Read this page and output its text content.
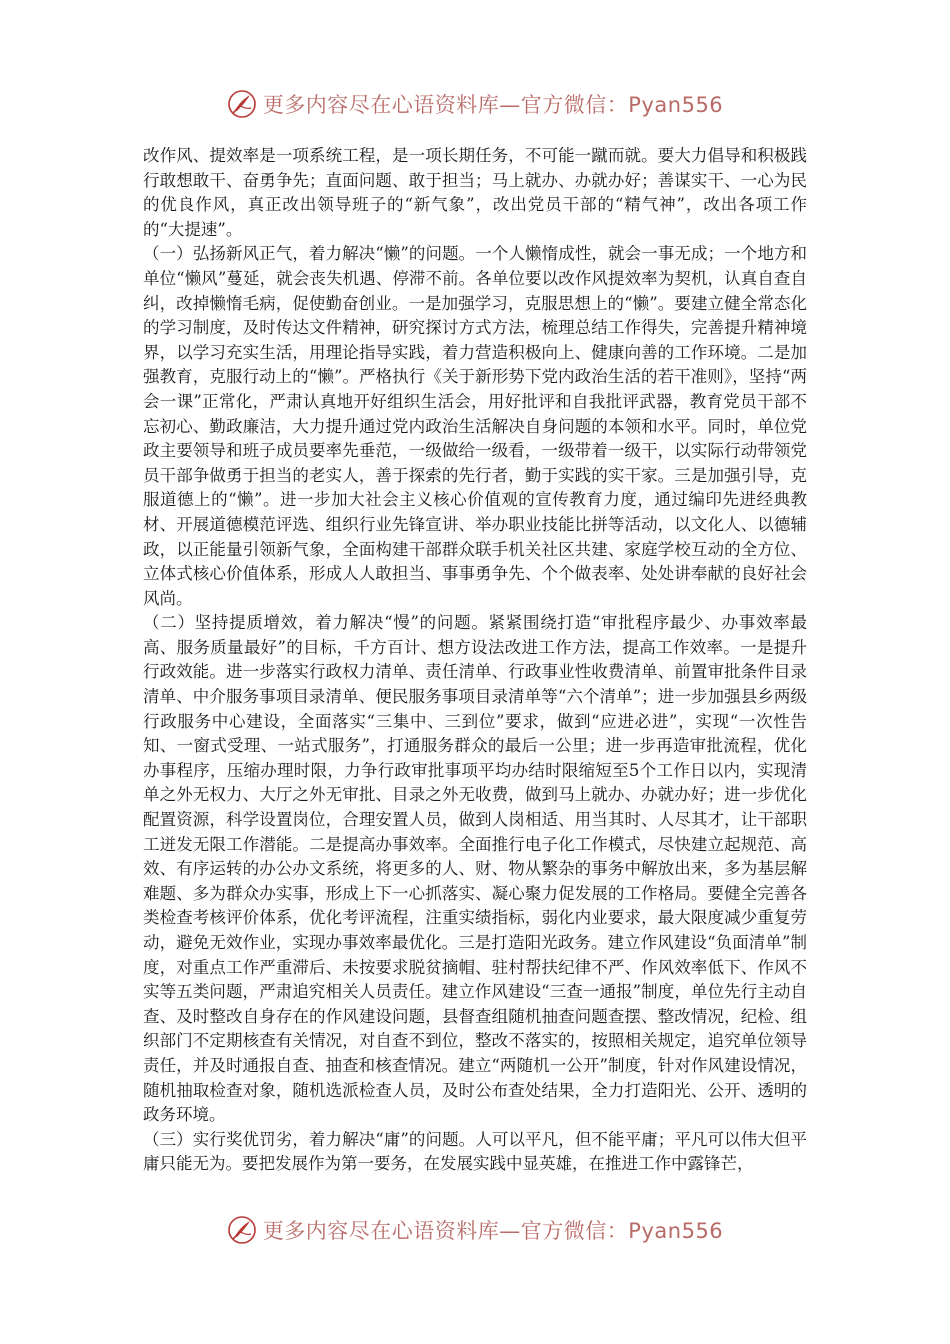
更多内容尽在心语资料库—官方微信：Pyan556

改作风、提效率是一项系统工程，是一项长期任务，不可能一蹴而就。要大力倡导和积极践行敢想敢干、奋勇争先；直面问题、敢于担当；马上就办、办就办好；善谋实干、一心为民的优良作风，真正改出领导班子的“新气象”，改出党员干部的“精气神”，改出各项工作的“大提速”。

（一）弘扬新风正气，着力解决“懒”的问题。一个人懒惰成性，就会一事无成；一个地方和单位“懒风”蔓延，就会丧失机遇、停滞不前。各单位要以改作风提效率为契机，认真自查自纠，改掉懒惰毛病，促使勤奋创业。一是加强学习，克服思想上的“懒”。要建立健全常态化的学习制度，及时传达文件精神，研究探讨方式方法，梳理总结工作得失，完善提升精神境界，以学习充实生活，用理论指导实践，着力营造积极向上、健康向善的工作环境。二是加强教育，克服行动上的“懒”。严格执行《关于新形势下党内政治生活的若干准则》，坚持“两会一课”正常化，严肃认真地开好组织生活会，用好批评和自我批评武器，教育党员干部不忘初心、勤政廉洁，大力提升通过党内政治生活解决自身问题的本领和水平。同时，单位党政主要领导和班子成员要率先垂范，一级做给一级看，一级带着一级干，以实际行动带领党员干部争做勇于担当的老实人，善于探索的先行者，勤于实践的实干家。三是加强引导，克服道德上的“懒”。进一步加大社会主义核心价值观的宣传教育力度，通过编印先进经典教材、开展道德模范评选、组织行业先锋宣讲、举办职业技能比拼等活动，以文化人、以德辅政，以正能量引领新气象，全面构建干部群众联手机关社区共建、家庭学校互动的全方位、立体式核心价值体系，形成人人敢担当、事事勇争先、个个做表率、处处讲奉献的良好社会风尚。

（二）坚持提质增效，着力解决“慢”的问题。紧紧围绕打造“审批程序最少、办事效率最高、服务质量最好”的目标，千方百计、想方设法改进工作方法，提高工作效率。一是提升行政效能。进一步落实行政权力清单、责任清单、行政事业性收费清单、前置审批条件目录清单、中介服务事项目录清单、便民服务事项目录清单等“六个清单”；进一步加强县乡两级行政服务中心建设，全面落实“三集中、三到位”要求，做到“应进必进”，实现“一次性告知、一窗式受理、一站式服务”，打通服务群众的最后一公里；进一步再造审批流程，优化办事程序，压缩办理时限，力争行政审批事项平均办结时限缩短至5个工作日以内，实现清单之外无权力、大厅之外无审批、目录之外无收费，做到马上就办、办就办好；进一步优化配置资源，科学设置岗位，合理安置人员，做到人岗相适、用当其时、人尽其才，让干部职工迸发无限工作潜能。二是提高办事效率。全面推行电子化工作模式，尽快建立起规范、高效、有序运转的办公办文系统，将更多的人、财、物从繁杂的事务中解放出来，多为基层解难题、多为群众办实事，形成上下一心抓落实、凝心聚力促发展的工作格局。要健全完善各类检查考核评价体系，优化考评流程，注重实绩指标，弱化内业要求，最大限度减少重复劳动，避免无效作业，实现办事效率最优化。三是打造阳光政务。建立作风建设“负面清单”制度，对重点工作严重滞后、未按要求脱贫摘帽、驻村帮扶纪律不严、作风效率低下、作风不实等五类问题，严肃追究相关人员责任。建立作风建设“三查一通报”制度，单位先行主动自查、及时整改自身存在的作风建设问题，县督查组随机抽查问题查摆、整改情况，纪检、组织部门不定期核查有关情况，对自查不到位，整改不落实的，按照相关规定，追究单位领导责任，并及时通报自查、抽查和核查情况。建立“两随机一公开”制度，针对作风建设情况，随机抽取检查对象，随机选派检查人员，及时公布查处结果，全力打造阳光、公开、透明的政务环境。

（三）实行奖优罚劣，着力解决“庸”的问题。人可以平凡，但不能平庸；平凡可以伟大但平庸只能无为。要把发展作为第一要务，在发展实践中显英雄，在推进工作中露锋芒，

更多内容尽在心语资料库—官方微信：Pyan556
